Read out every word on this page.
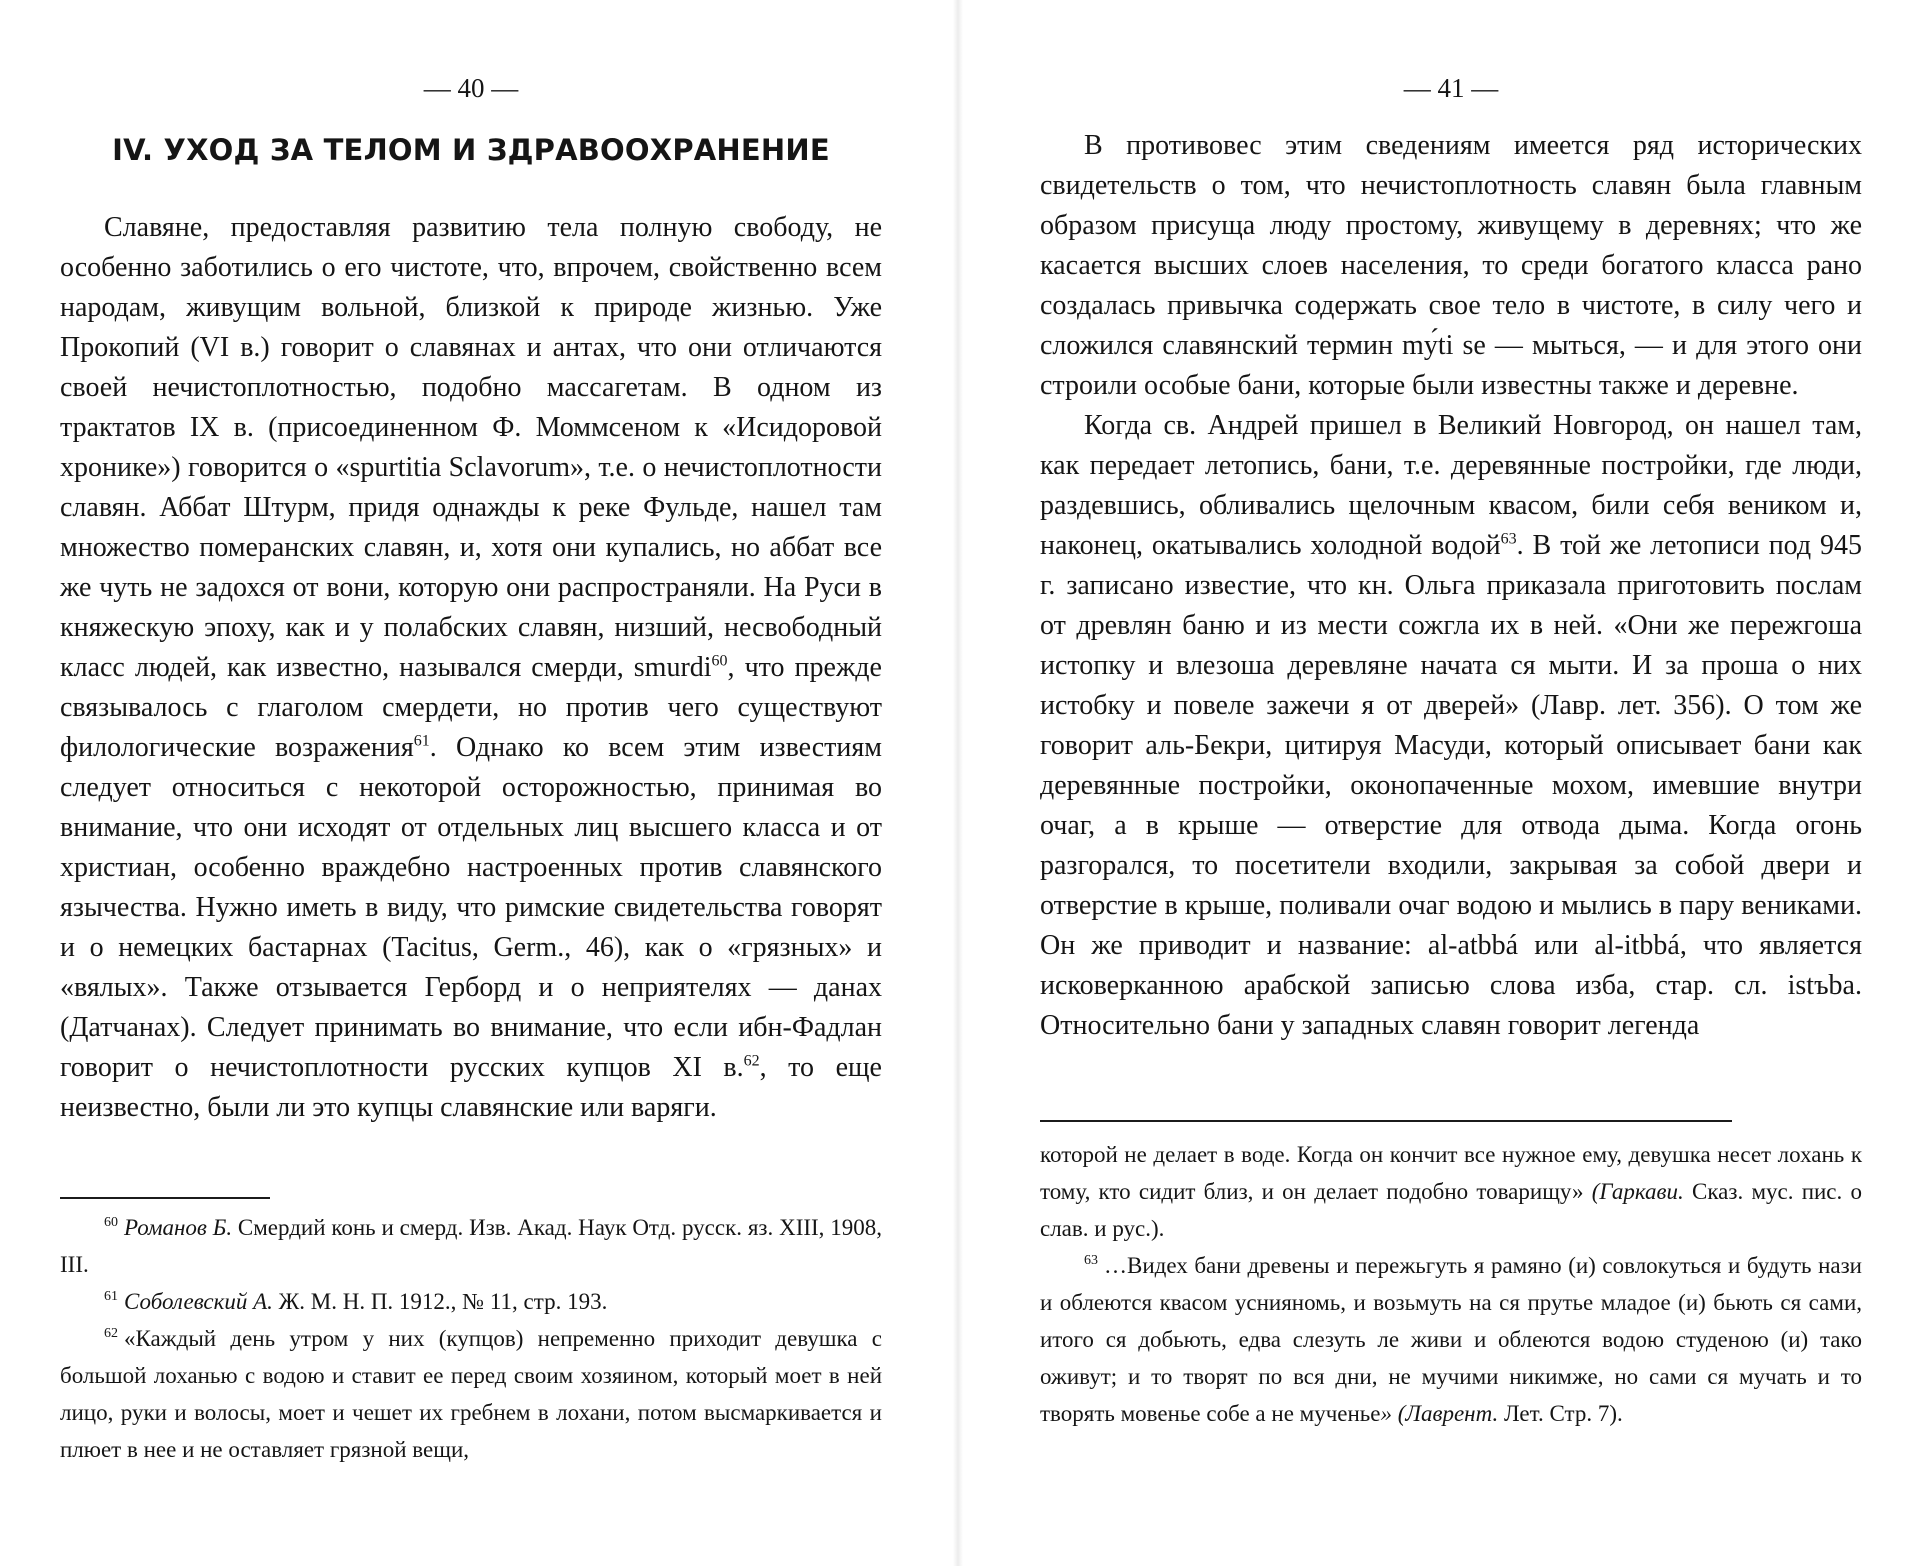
— 40 —
IV. УХОД ЗА ТЕЛОМ И ЗДРАВООХРАНЕНИЕ

Славяне, предоставляя развитию тела полную свободу, не особенно заботились о его чистоте, что, впрочем, свойственно всем народам, живущим вольной, близкой к природе жизнью. Уже Прокопий (VI в.) говорит о славянах и антах, что они отличаются своей нечистоплотностью, подобно массагетам. В одном из трактатов IX в. (присоединенном Ф. Моммсеном к «Исидоровой хронике») говорится о «spurtitia Sclavorum», т.е. о нечистоплотности славян. Аббат Штурм, придя однажды к реке Фульде, нашел там множество померанских славян, и, хотя они купались, но аббат все же чуть не задохся от вони, которую они распространяли. На Руси в княжескую эпоху, как и у полабских славян, низший, несвободный класс людей, как известно, назывался смерди, smurdi$^{60}$, что прежде связывалось с глаголом смердети, но против чего существуют филологические возражения$^{61}$. Однако ко всем этим известиям следует относиться с некоторой осторожностью, принимая во внимание, что они исходят от отдельных лиц высшего класса и от христиан, особенно враждебно настроенных против славянского язычества. Нужно иметь в виду, что римские свидетельства говорят и о немецких бастарнах (Tacitus, Germ., 46), как о «грязных» и «вялых». Также отзывается Герборд и о неприятелях — данах (Датчанах). Следует принимать во внимание, что если ибн-Фадлан говорит о нечистоплотности русских купцов XI в.$^{62}$, то еще неизвестно, были ли это купцы славянские или варяги.

$^{60}$ Романов Б. Смердий конь и смерд. Изв. Акад. Наук Отд. русск. яз. XIII, 1908, III.

$^{61}$ Соболевский А. Ж. М. Н. П. 1912., № 11, стр. 193.

$^{62}$ «Каждый день утром у них (купцов) непременно приходит девушка с большой лоханью с водою и ставит ее перед своим хозяином, который моет в ней лицо, руки и волосы, моет и чешет их гребнем в лохани, потом высмаркивается и плюет в нее и не оставляет грязной вещи,

— 41 —

В противовес этим сведениям имеется ряд исторических свидетельств о том, что нечистоплотность славян была главным образом присуща люду простому, живущему в деревнях; что же касается высших слоев населения, то среди богатого класса рано создалась привычка содержать свое тело в чистоте, в силу чего и сложился славянский термин mу́ti se — мыться, — и для этого они строили особые бани, которые были известны также и деревне.

Когда св. Андрей пришел в Великий Новгород, он нашел там, как передает летопись, бани, т.е. деревянные постройки, где люди, раздевшись, обливались щелочным квасом, били себя веником и, наконец, окатывались холодной водой$^{63}$. В той же летописи под 945 г. записано известие, что кн. Ольга приказала приготовить послам от древлян баню и из мести сожгла их в ней. «Они же пережгоша истопку и влезоша деревляне начата ся мыти. И за проша о них истобку и повеле зажечи я от дверей» (Лавр. лет. 356). О том же говорит аль-Бекри, цитируя Масуди, который описывает бани как деревянные постройки, оконопаченные мохом, имевшие внутри очаг, а в крыше — отверстие для отвода дыма. Когда огонь разгорался, то посетители входили, закрывая за собой двери и отверстие в крыше, поливали очаг водою и мылись в пару вениками. Он же приводит и название: al-atbbá или al-itbbá, что является исковерканною арабской записью слова изба, стар. сл. istъba. Относительно бани у западных славян говорит легенда

которой не делает в воде. Когда он кончит все нужное ему, девушка несет лохань к тому, кто сидит близ, и он делает подобно товарищу» (Гаркави. Сказ. мус. пис. о слав. и рус.).

$^{63}$ …Видех бани древены и пережьгуть я рамяно (и) совлокуться и будуть нази и облеются квасом уснияномь, и возьмуть на ся прутье младое (и) бьють ся сами, итого ся добьють, едва слезуть ле живи и облеются водою студеною (и) тако оживут; и то творят по вся дни, не мучими никимже, но сами ся мучать и то творять мовенье собе а не мученье» (Лаврент. Лет. Стр. 7).
